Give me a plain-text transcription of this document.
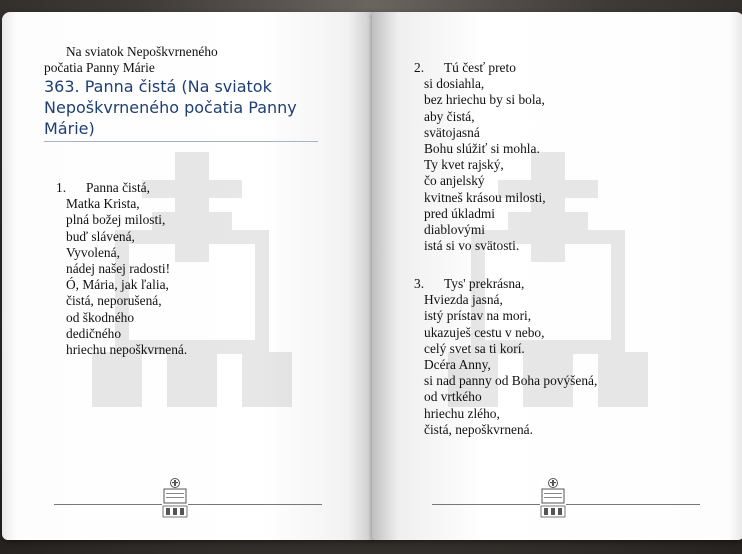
Na sviatok Nepoškvrneného
počatia Panny Márie
363. Panna čistá (Na sviatok Nepoškvrneného počatia Panny Márie)
1. Panna čistá,
Matka Krista,
plná božej milosti,
buď slávená,
Vyvolená,
nádej našej radosti!
Ó, Mária, jak ľalia,
čistá, neporušená,
od škodného
dedičného
hriechu nepoškvrnená.
2. Tú česť preto
si dosiahla,
bez hriechu by si bola,
aby čistá,
svätojasná
Bohu slúžiť si mohla.
Ty kvet rajský,
čo anjelský
kvitneš krásou milosti,
pred úkladmi
diablovými
istá si vo svätosti.
3. Tys' prekrásna,
Hviezda jasná,
istý prístav na mori,
ukazuješ cestu v nebo,
celý svet sa ti korí.
Dcéra Anny,
si nad panny od Boha povýšená,
od vrtkého
hriechu zlého,
čistá, nepoškvrnená.
